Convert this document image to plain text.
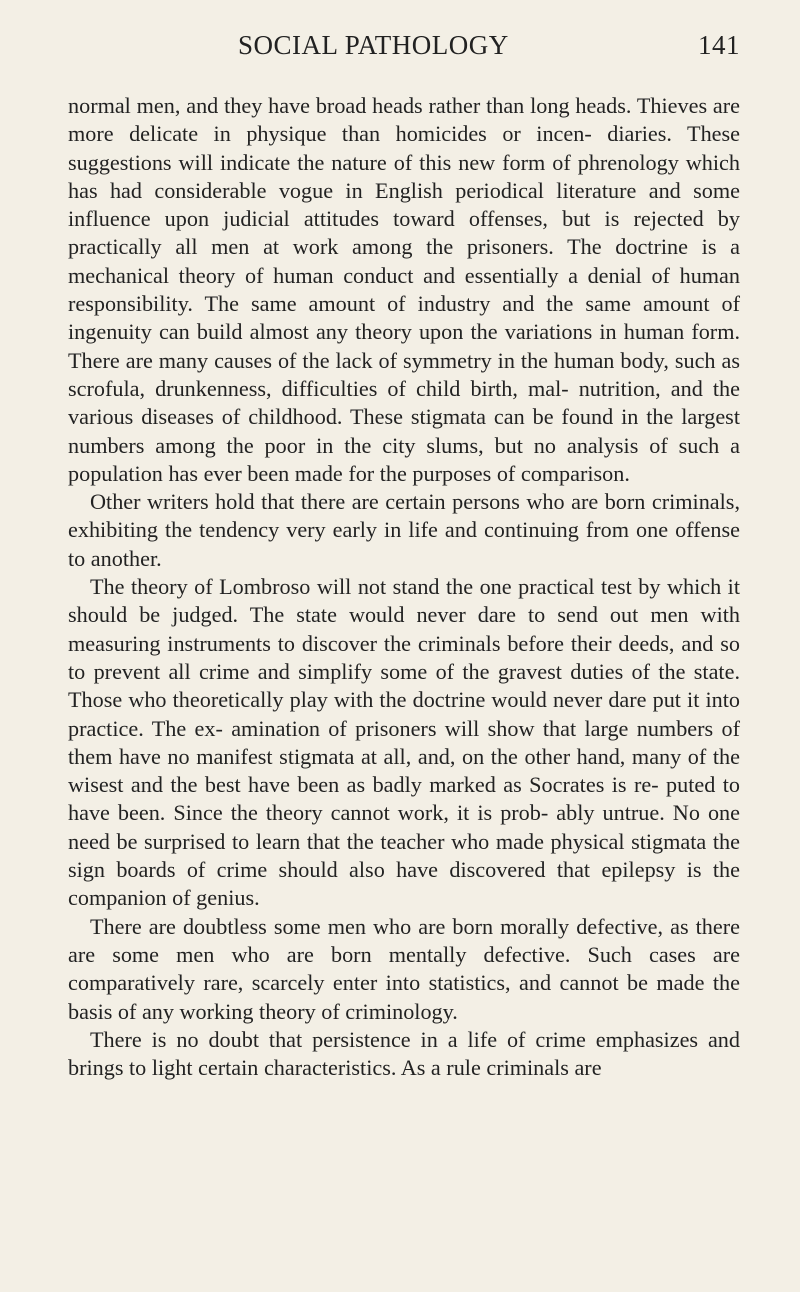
SOCIAL PATHOLOGY	141

normal men, and they have broad heads rather than long heads. Thieves are more delicate in physique than homicides or incen- diaries. These suggestions will indicate the nature of this new form of phrenology which has had considerable vogue in English periodical literature and some influence upon judicial attitudes toward offenses, but is rejected by practically all men at work among the prisoners. The doctrine is a mechanical theory of human conduct and essentially a denial of human responsibility. The same amount of industry and the same amount of ingenuity can build almost any theory upon the variations in human form. There are many causes of the lack of symmetry in the human body, such as scrofula, drunkenness, difficulties of child birth, mal- nutrition, and the various diseases of childhood. These stigmata can be found in the largest numbers among the poor in the city slums, but no analysis of such a population has ever been made for the purposes of comparison.

Other writers hold that there are certain persons who are born criminals, exhibiting the tendency very early in life and continuing from one offense to another.

The theory of Lombroso will not stand the one practical test by which it should be judged. The state would never dare to send out men with measuring instruments to discover the criminals before their deeds, and so to prevent all crime and simplify some of the gravest duties of the state. Those who theoretically play with the doctrine would never dare put it into practice. The ex- amination of prisoners will show that large numbers of them have no manifest stigmata at all, and, on the other hand, many of the wisest and the best have been as badly marked as Socrates is re- puted to have been. Since the theory cannot work, it is prob- ably untrue. No one need be surprised to learn that the teacher who made physical stigmata the sign boards of crime should also have discovered that epilepsy is the companion of genius.

There are doubtless some men who are born morally defective, as there are some men who are born mentally defective. Such cases are comparatively rare, scarcely enter into statistics, and cannot be made the basis of any working theory of criminology.

There is no doubt that persistence in a life of crime emphasizes and brings to light certain characteristics. As a rule criminals are
